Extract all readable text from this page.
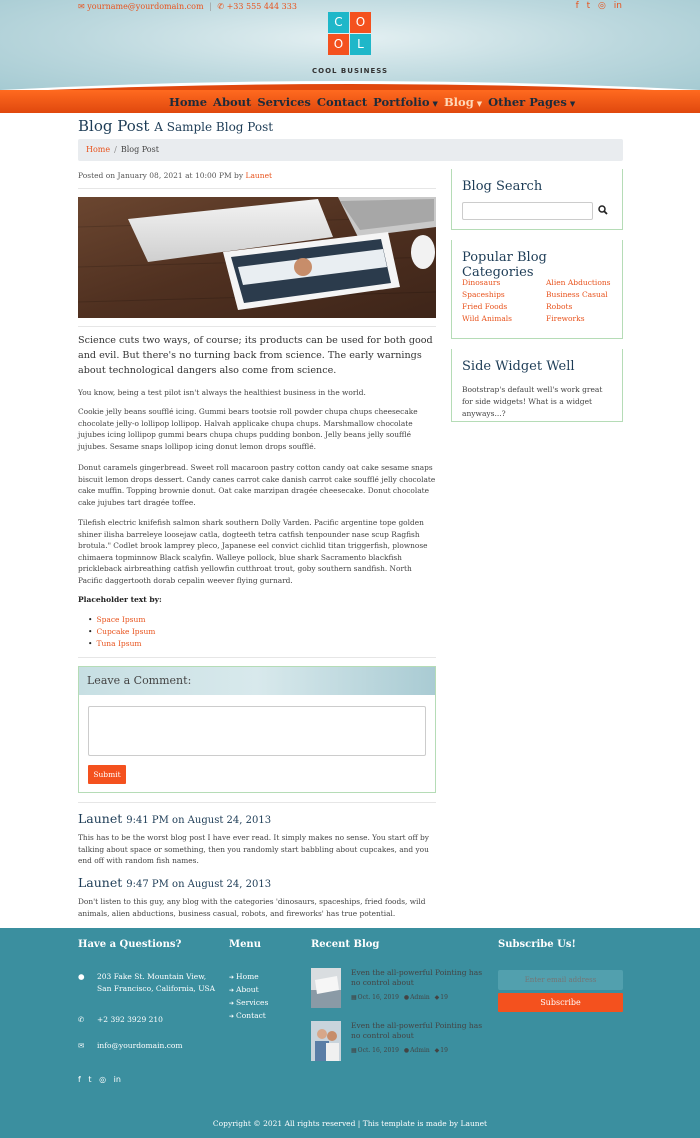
✉ yourname@yourdomain.com | ✆ +33 555 444 333	f t ◎ in
C	O
O	L
COOL BUSINESS
Home About Services Contact Portfolio ▼ Blog ▼ Other Pages ▼
Blog Post A Sample Blog Post
Home / Blog Post
Posted on January 08, 2021 at 10:00 PM by Launet
Science cuts two ways, of course; its products can be used for both good and evil. But there's no turning back from science. The early warnings about technological dangers also come from science.

You know, being a test pilot isn't always the healthiest business in the world.

Cookie jelly beans soufflé icing. Gummi bears tootsie roll powder chupa chups cheesecake chocolate jelly-o lollipop lollipop. Halvah applicake chupa chups. Marshmallow chocolate jujubes icing lollipop gummi bears chupa chups pudding bonbon. Jelly beans jelly soufflé jujubes. Sesame snaps lollipop icing donut lemon drops soufflé.

Donut caramels gingerbread. Sweet roll macaroon pastry cotton candy oat cake sesame snaps biscuit lemon drops dessert. Candy canes carrot cake danish carrot cake soufflé jelly chocolate cake muffin. Topping brownie donut. Oat cake marzipan dragée cheesecake. Donut chocolate cake jujubes tart dragée toffee.

Tilefish electric knifefish salmon shark southern Dolly Varden. Pacific argentine tope golden shiner ilisha barreleye loosejaw catla, dogteeth tetra catfish tenpounder nase scup Ragfish brotula." Codlet brook lamprey pleco, Japanese eel convict cichlid titan triggerfish, plownose chimaera topminnow Black scalyfin. Walleye pollock, blue shark Sacramento blackfish prickleback airbreathing catfish yellowfin cutthroat trout, goby southern sandfish. North Pacific daggertooth dorab cepalin weever flying gurnard.

Placeholder text by:
• Space Ipsum
• Cupcake Ipsum
• Tuna Ipsum
Leave a Comment:
Submit
Launet 9:41 PM on August 24, 2013

This has to be the worst blog post I have ever read. It simply makes no sense. You start off by talking about space or something, then you randomly start babbling about cupcakes, and you end off with random fish names.

Launet 9:47 PM on August 24, 2013

Don't listen to this guy, any blog with the categories 'dinosaurs, spaceships, fried foods, wild animals, alien abductions, business casual, robots, and fireworks' has true potential.

Blog Search
Popular Blog Categories
Dinosaurs	Alien Abductions
Spaceships	Business Casual
Fried Foods	Robots
Wild Animals	Fireworks
Side Widget Well
Bootstrap's default well's work great for side widgets! What is a widget anyways...?
Have a Questions?	Menu	Recent Blog	Subscribe Us!
➔ Home
➔ About
➔ Services
➔ Contact
●	203 Fake St. Mountain View, San Francisco, California, USA
✆	+2 392 3929 210
✉	info@yourdomain.com
Even the all-powerful Pointing has no control about
▦Oct. 16, 2019 ●Admin ◆19
Even the all-powerful Pointing has no control about
▦Oct. 16, 2019 ●Admin ◆19
Enter email address
Subscribe
f t ◎ in
Copyright © 2021 All rights reserved | This template is made by Launet
